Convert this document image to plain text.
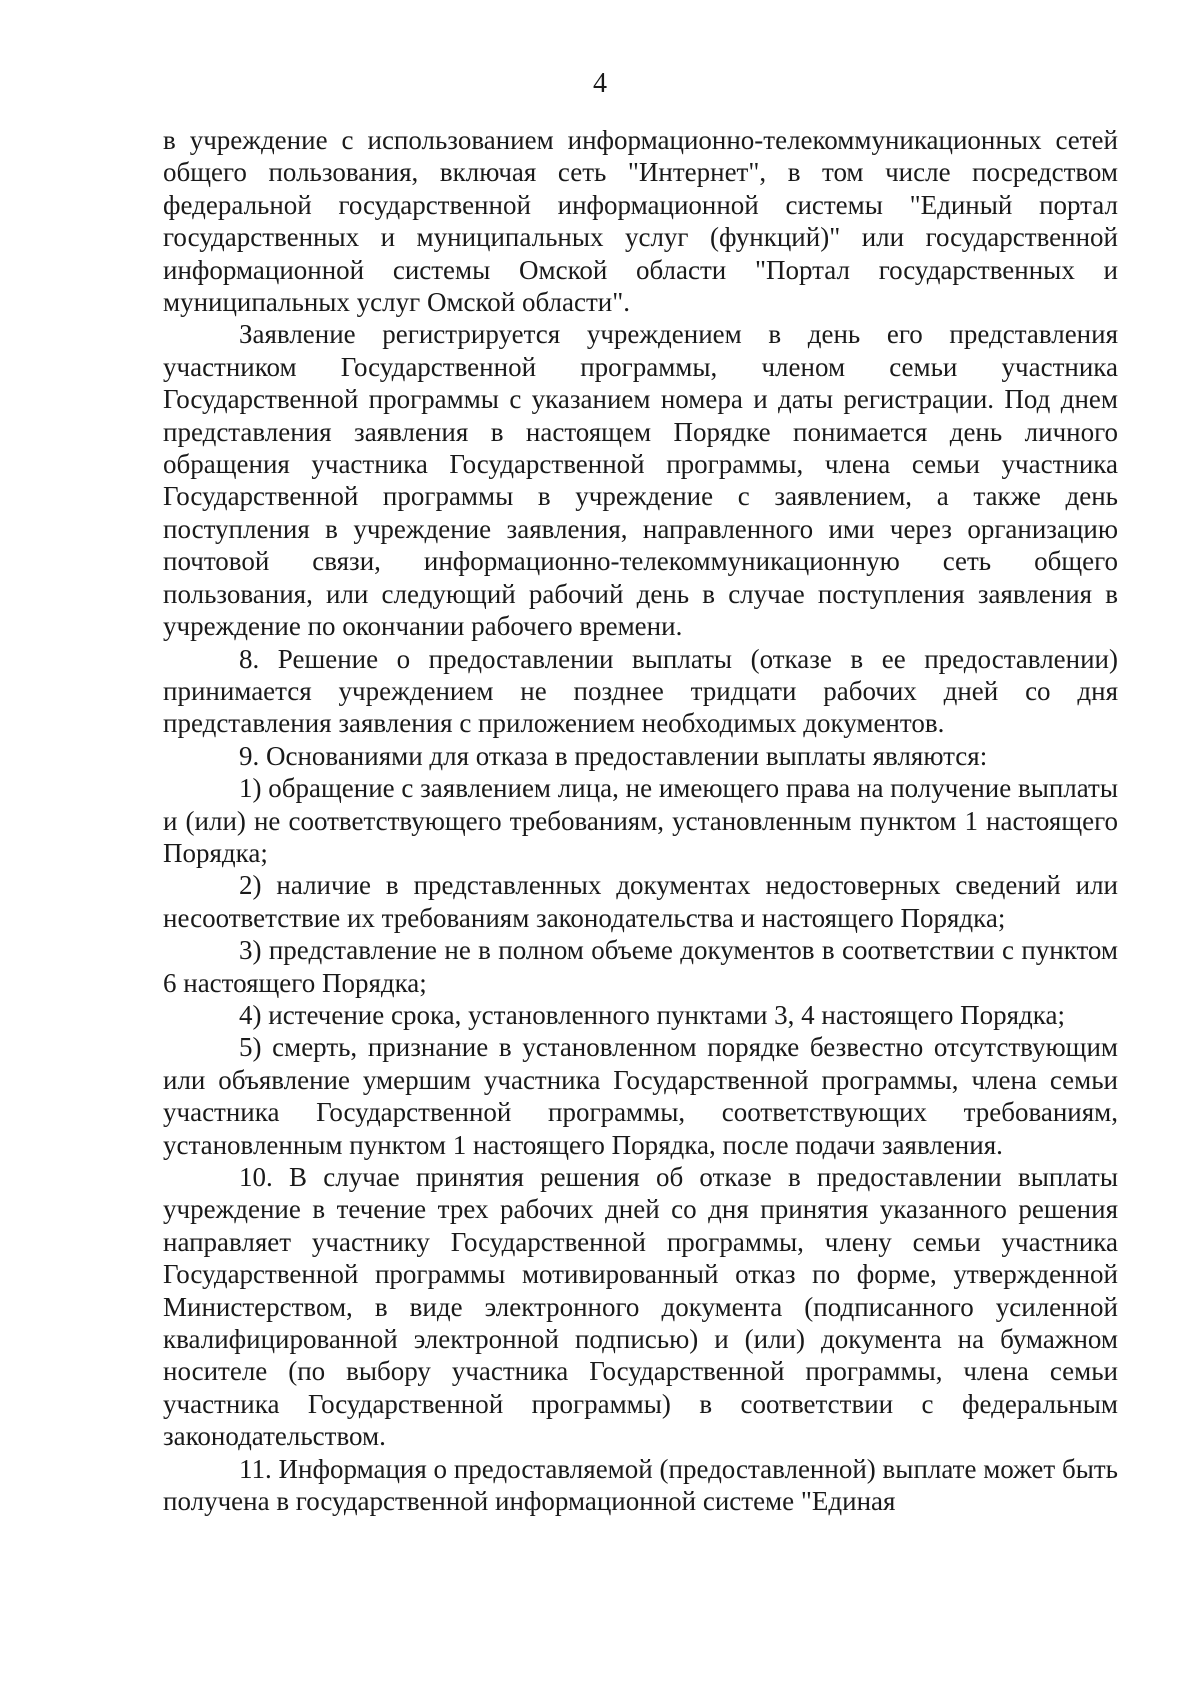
4

в учреждение с использованием информационно-телекоммуникационных сетей общего пользования, включая сеть "Интернет", в том числе посредством федеральной государственной информационной системы "Единый портал государственных и муниципальных услуг (функций)" или государственной информационной системы Омской области "Портал государственных и муниципальных услуг Омской области".

Заявление регистрируется учреждением в день его представления участником Государственной программы, членом семьи участника Государственной программы с указанием номера и даты регистрации. Под днем представления заявления в настоящем Порядке понимается день личного обращения участника Государственной программы, члена семьи участника Государственной программы в учреждение с заявлением, а также день поступления в учреждение заявления, направленного ими через организацию почтовой связи, информационно-телекоммуникационную сеть общего пользования, или следующий рабочий день в случае поступления заявления в учреждение по окончании рабочего времени.

8. Решение о предоставлении выплаты (отказе в ее предоставлении) принимается учреждением не позднее тридцати рабочих дней со дня представления заявления с приложением необходимых документов.

9. Основаниями для отказа в предоставлении выплаты являются:

1) обращение с заявлением лица, не имеющего права на получение выплаты и (или) не соответствующего требованиям, установленным пунктом 1 настоящего Порядка;

2) наличие в представленных документах недостоверных сведений или несоответствие их требованиям законодательства и настоящего Порядка;

3) представление не в полном объеме документов в соответствии с пунктом 6 настоящего Порядка;

4) истечение срока, установленного пунктами 3, 4 настоящего Порядка;

5) смерть, признание в установленном порядке безвестно отсутствующим или объявление умершим участника Государственной программы, члена семьи участника Государственной программы, соответствующих требованиям, установленным пунктом 1 настоящего Порядка, после подачи заявления.

10. В случае принятия решения об отказе в предоставлении выплаты учреждение в течение трех рабочих дней со дня принятия указанного решения направляет участнику Государственной программы, члену семьи участника Государственной программы мотивированный отказ по форме, утвержденной Министерством, в виде электронного документа (подписанного усиленной квалифицированной электронной подписью) и (или) документа на бумажном носителе (по выбору участника Государственной программы, члена семьи участника Государственной программы) в соответствии с федеральным законодательством.

11. Информация о предоставляемой (предоставленной) выплате может быть получена в государственной информационной системе "Единая
